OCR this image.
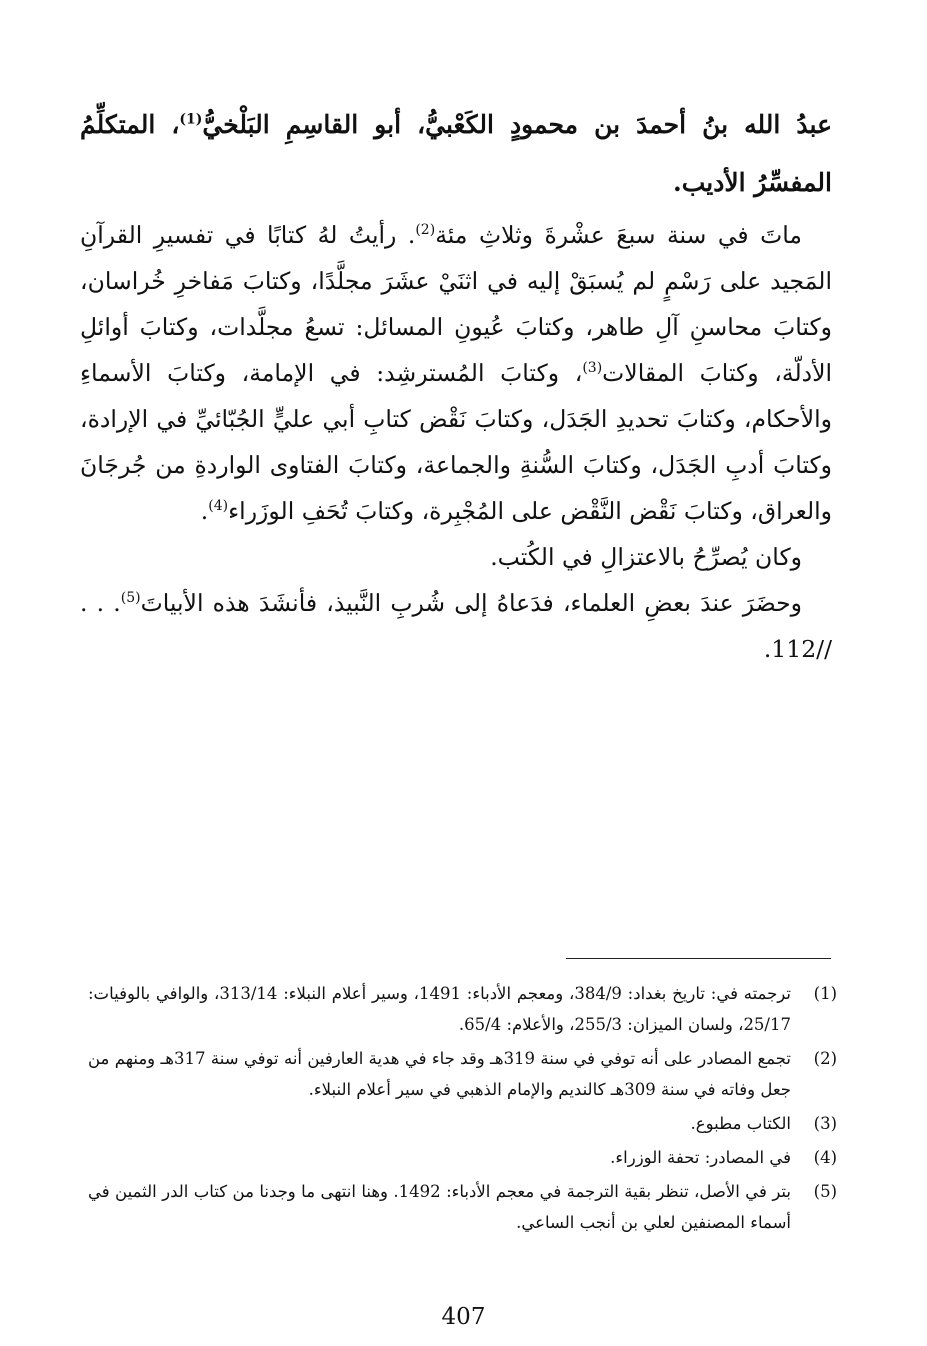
عبدُ الله بنُ أحمدَ بن محمودٍ الكَعْبيُّ، أبو القاسِمِ البَلْخيُّ$^{(1)}$، المتكلِّمُ المفسِّرُ الأديب.

ماتَ في سنة سبعَ عشْرةَ وثلاثِ مئة$^{(2)}$. رأيتُ لهُ كتابًا في تفسيرِ القرآنِ المَجيد على رَسْمٍ لم يُسبَقْ إليه في اثنَيْ عشَرَ مجلَّدًا، وكتابَ مَفاخرِ خُراسان، وكتابَ محاسنِ آلِ طاهر، وكتابَ عُيونِ المسائل: تسعُ مجلَّدات، وكتابَ أوائلِ الأدلّة، وكتابَ المقالات$^{(3)}$، وكتابَ المُسترشِد: في الإمامة، وكتابَ الأسماءِ والأحكام، وكتابَ تحديدِ الجَدَل، وكتابَ نَقْض كتابِ أبي عليٍّ الجُبّائيِّ في الإرادة، وكتابَ أدبِ الجَدَل، وكتابَ السُّنةِ والجماعة، وكتابَ الفتاوى الواردةِ من جُرجَانَ والعراق، وكتابَ نَقْض النَّقْض على المُجْبِرة، وكتابَ تُحَفِ الوزَراء$^{(4)}$.

وكان يُصرِّحُ بالاعتزالِ في الكُتب.

وحضَرَ عندَ بعضِ العلماء، فدَعاهُ إلى شُربِ النَّبيذ، فأنشَدَ هذه الأبياتَ$^{(5)}$. . . //112.

(1)
ترجمته في: تاريخ بغداد: 384/9، ومعجم الأدباء: 1491، وسير أعلام النبلاء: 313/14، والوافي بالوفيات: 25/17، ولسان الميزان: 255/3، والأعلام: 65/4.
(2)
تجمع المصادر على أنه توفي في سنة 319هـ وقد جاء في هدية العارفين أنه توفي سنة 317هـ ومنهم من جعل وفاته في سنة 309هـ كالنديم والإمام الذهبي في سير أعلام النبلاء.
(3)
الكتاب مطبوع.
(4)
في المصادر: تحفة الوزراء.
(5)
بتر في الأصل، تنظر بقية الترجمة في معجم الأدباء: 1492. وهنا انتهى ما وجدنا من كتاب الدر الثمين في أسماء المصنفين لعلي بن أنجب الساعي.
407
